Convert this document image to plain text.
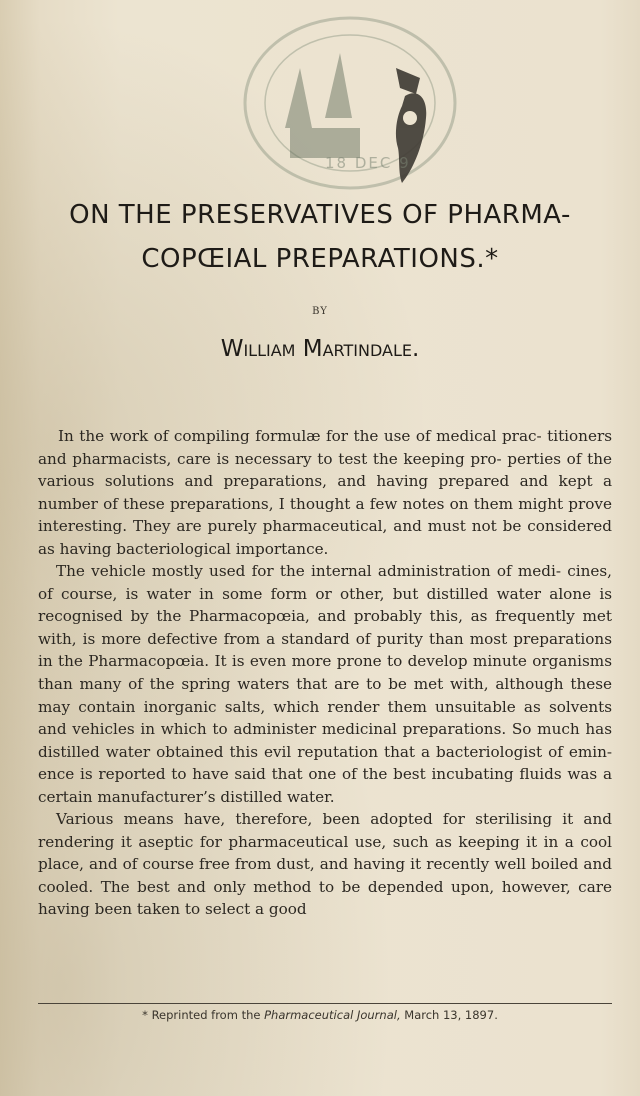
18 DEC 9
ON THE PRESERVATIVES OF PHARMA-
COPŒIAL PREPARATIONS.*
BY
William Martindale.

In the work of compiling formulæ for the use of medical prac- titioners and pharmacists, care is necessary to test the keeping pro- perties of the various solutions and preparations, and having prepared and kept a number of these preparations, I thought a few notes on them might prove interesting. They are purely pharmaceutical, and must not be considered as having bacteriological importance.

The vehicle mostly used for the internal administration of medi- cines, of course, is water in some form or other, but distilled water alone is recognised by the Pharmacopœia, and probably this, as frequently met with, is more defective from a standard of purity than most preparations in the Pharmacopœia. It is even more prone to develop minute organisms than many of the spring waters that are to be met with, although these may contain inorganic salts, which render them unsuitable as solvents and vehicles in which to administer medicinal preparations. So much has distilled water obtained this evil reputation that a bacteriologist of emin- ence is reported to have said that one of the best incubating fluids was a certain manufacturer’s distilled water.

Various means have, therefore, been adopted for sterilising it and rendering it aseptic for pharmaceutical use, such as keeping it in a cool place, and of course free from dust, and having it recently well boiled and cooled. The best and only method to be depended upon, however, care having been taken to select a good

* Reprinted from the Pharmaceutical Journal, March 13, 1897.
